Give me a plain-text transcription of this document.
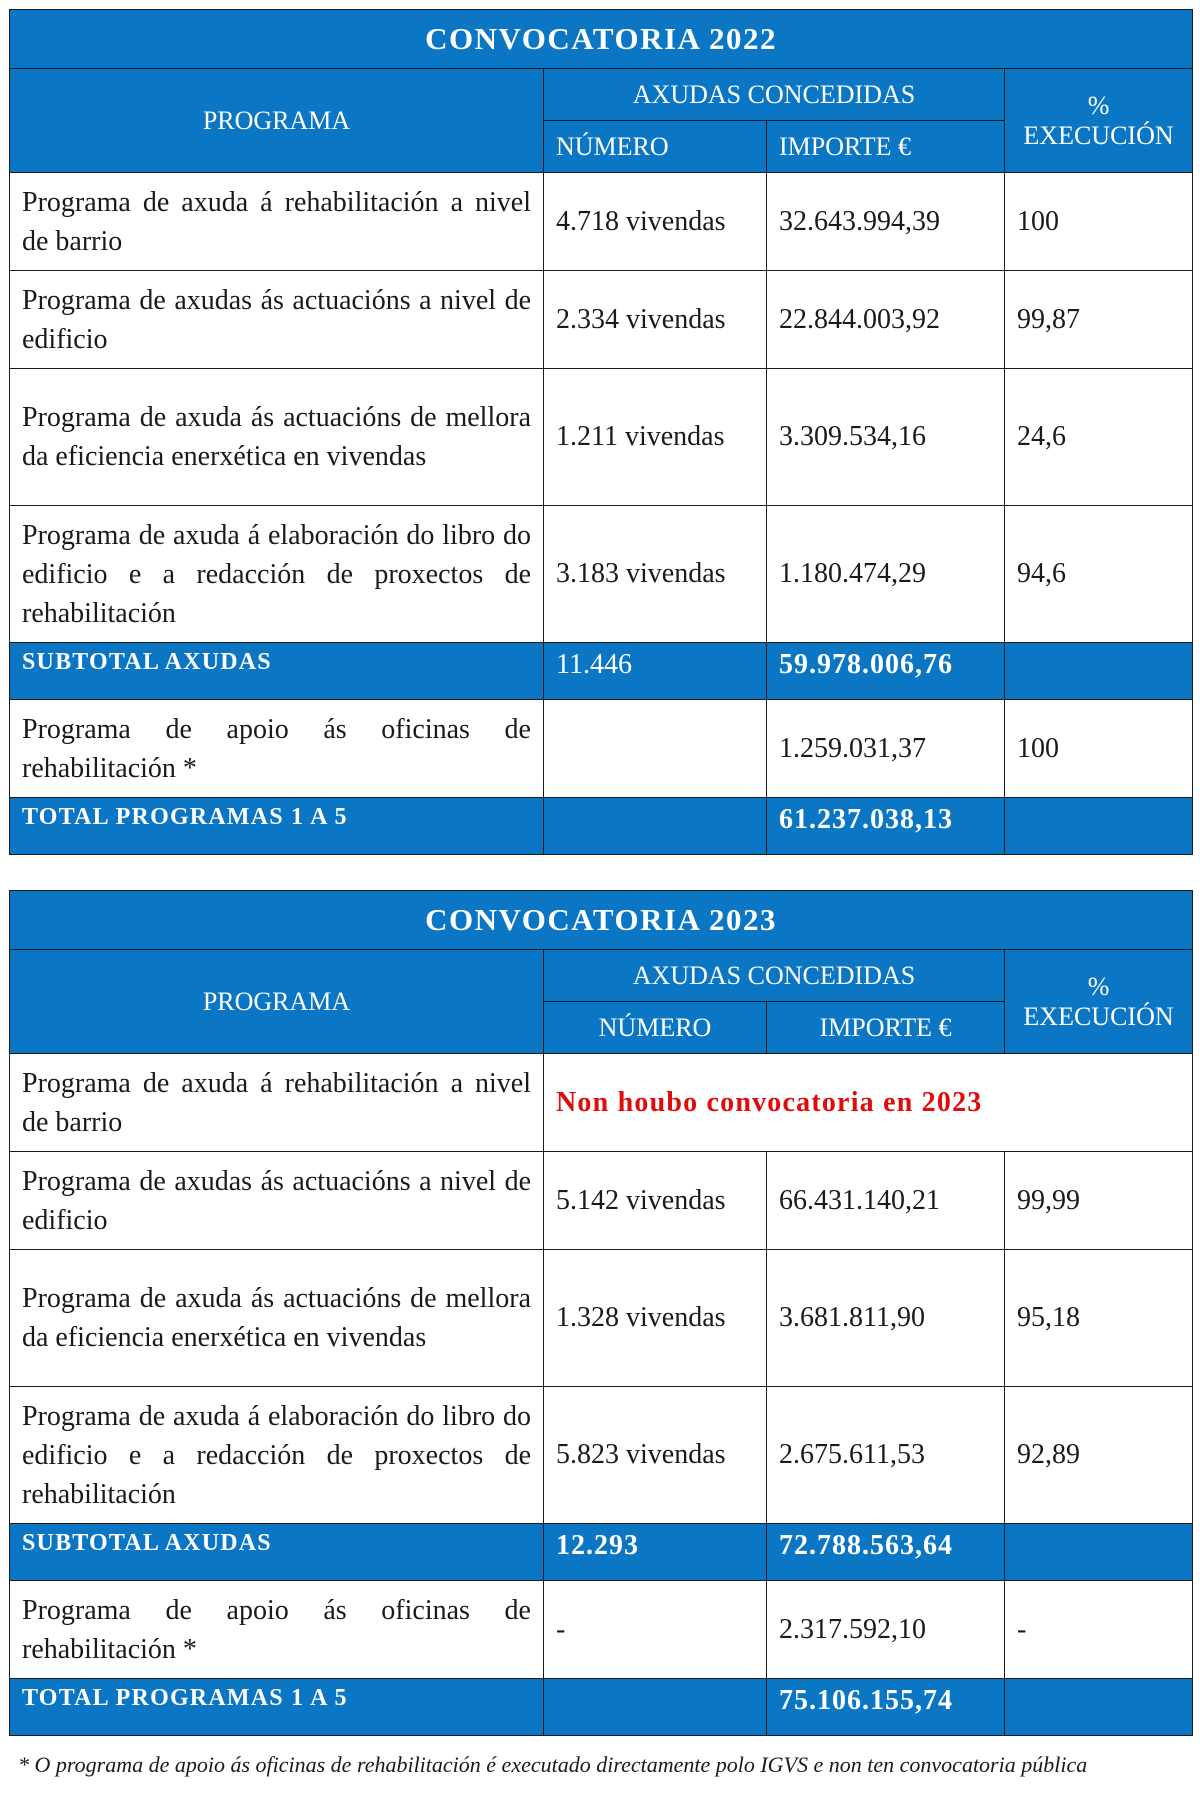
CONVOCATORIA 2022			
PROGRAMA	AXUDAS CONCEDIDAS		%
EXECUCIÓN

	NÚMERO	IMPORTE €	
Programa de axuda á rehabilitación a nivel de barrio	4.718 vivendas	32.643.994,39	100
Programa de axudas ás actuacións a nivel de edificio	2.334 vivendas	22.844.003,92	99,87
Programa de axuda ás actuacións de mellora da eficiencia enerxética en vivendas	1.211 vivendas	3.309.534,16	24,6
Programa de axuda á elaboración do libro do edificio e a redacción de proxectos de rehabilitación	3.183 vivendas	1.180.474,29	94,6
SUBTOTAL AXUDAS	11.446	59.978.006,76	
Programa de apoio ás oficinas de rehabilitación *		1.259.031,37	100
TOTAL PROGRAMAS 1 A 5		61.237.038,13	
CONVOCATORIA 2023			
PROGRAMA	AXUDAS CONCEDIDAS		%
EXECUCIÓN

	NÚMERO	IMPORTE €	
Programa de axuda á rehabilitación a nivel de barrio	Non houbo convocatoria en 2023		
Programa de axudas ás actuacións a nivel de edificio	5.142 vivendas	66.431.140,21	99,99
Programa de axuda ás actuacións de mellora da eficiencia enerxética en vivendas	1.328 vivendas	3.681.811,90	95,18
Programa de axuda á elaboración do libro do edificio e a redacción de proxectos de rehabilitación	5.823 vivendas	2.675.611,53	92,89
SUBTOTAL AXUDAS	12.293	72.788.563,64	
Programa de apoio ás oficinas de rehabilitación *	-	2.317.592,10	-
TOTAL PROGRAMAS 1 A 5		75.106.155,74	
* O programa de apoio ás oficinas de rehabilitación é executado directamente polo IGVS e non ten convocatoria pública
